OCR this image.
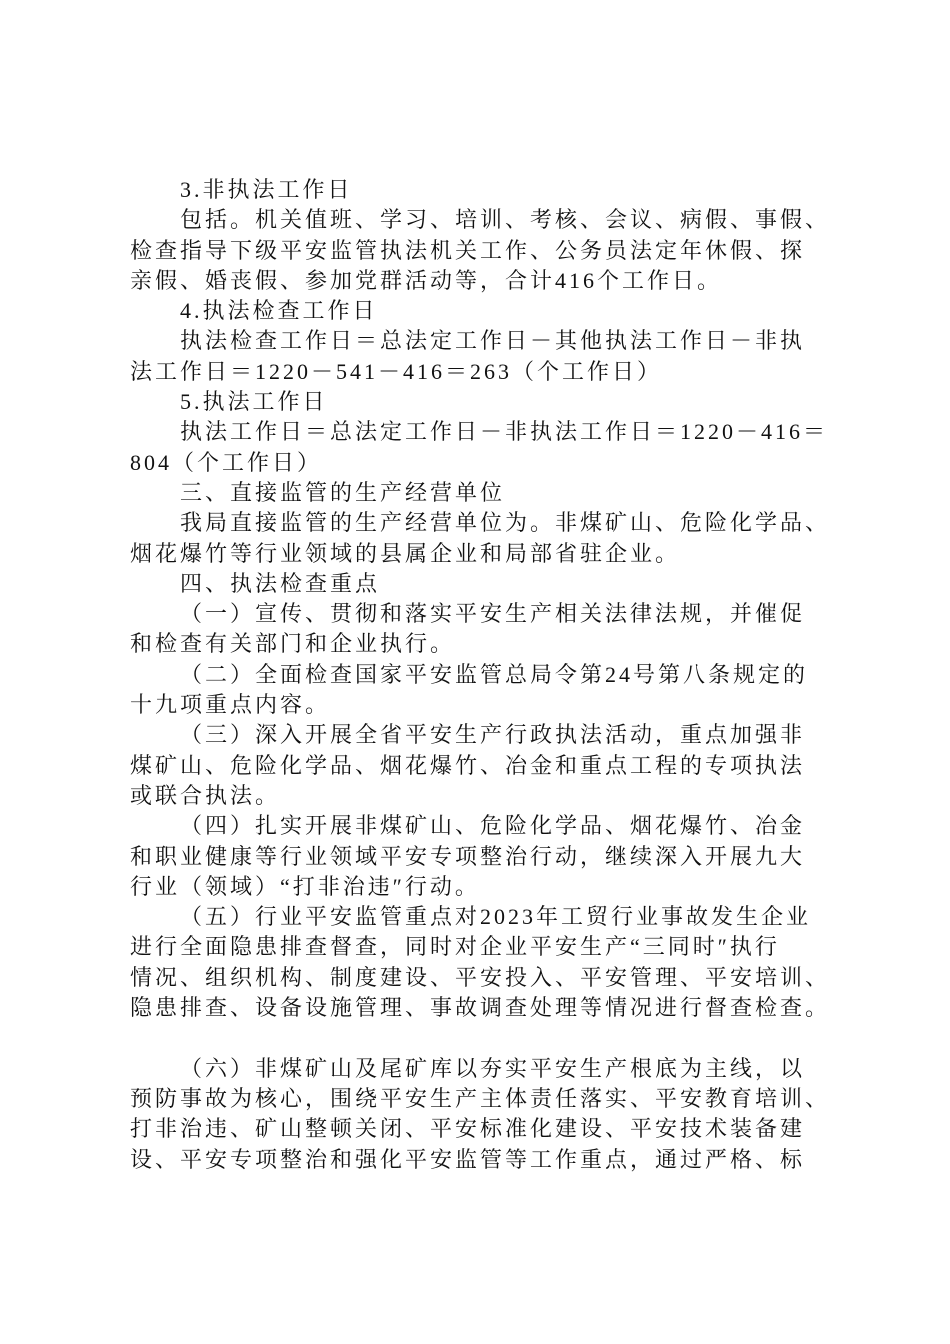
3.非执法工作日
包括。机关值班、学习、培训、考核、会议、病假、事假、
检查指导下级平安监管执法机关工作、公务员法定年休假、探
亲假、婚丧假、参加党群活动等，合计416个工作日。
4.执法检查工作日
执法检查工作日＝总法定工作日－其他执法工作日－非执
法工作日＝1220－541－416＝263（个工作日）
5.执法工作日
执法工作日＝总法定工作日－非执法工作日＝1220－416＝
804（个工作日）
三、直接监管的生产经营单位
我局直接监管的生产经营单位为。非煤矿山、危险化学品、
烟花爆竹等行业领域的县属企业和局部省驻企业。
四、执法检查重点
（一）宣传、贯彻和落实平安生产相关法律法规，并催促
和检查有关部门和企业执行。
（二）全面检查国家平安监管总局令第24号第八条规定的
十九项重点内容。
（三）深入开展全省平安生产行政执法活动，重点加强非
煤矿山、危险化学品、烟花爆竹、冶金和重点工程的专项执法
或联合执法。
（四）扎实开展非煤矿山、危险化学品、烟花爆竹、冶金
和职业健康等行业领域平安专项整治行动，继续深入开展九大
行业（领域）“打非治违″行动。
（五）行业平安监管重点对2023年工贸行业事故发生企业
进行全面隐患排查督查，同时对企业平安生产“三同时″执行
情况、组织机构、制度建设、平安投入、平安管理、平安培训、
隐患排查、设备设施管理、事故调查处理等情况进行督查检查。
（六）非煤矿山及尾矿库以夯实平安生产根底为主线，以
预防事故为核心，围绕平安生产主体责任落实、平安教育培训、
打非治违、矿山整顿关闭、平安标准化建设、平安技术装备建
设、平安专项整治和强化平安监管等工作重点，通过严格、标
